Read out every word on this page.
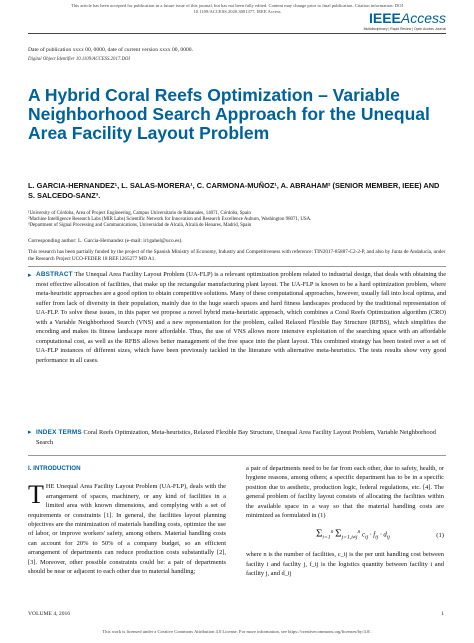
This article has been accepted for publication in a future issue of this journal, but has not been fully edited. Content may change prior to final publication. Citation information: DOI
10.1109/ACCESS.2020.3001377, IEEE Access	IEEEAccess
Multidisciplinary | Rapid Review | Open Access Journal
Date of publication xxxx 00, 0000, date of current version xxxx 00, 0000.
Digital Object Identifier 10.1109/ACCESS.2017.DOI
A Hybrid Coral Reefs Optimization – Variable Neighborhood Search Approach for the Unequal Area Facility Layout Problem
L. GARCIA-HERNANDEZ¹, L. SALAS-MORERA¹, C. CARMONA-MUÑOZ¹, A. ABRAHAM² (SENIOR MEMBER, IEEE) AND S. SALCEDO-SANZ³.
¹University of Córdoba, Area of Project Engineering, Campus Universitario de Rabanales, 14071, Córdoba, Spain
²Machine Intelligence Research Labs (MIR Labs) Scientific Network for Innovation and Research Excellence Auburn, Washington 98071, USA.
³Department of Signal Processing and Communications, Universidad de Alcalá, Alcalá de Henares, Madrid, Spain
Corresponding author: L. Garcia-Hernandez (e-mail: ir1gahel@uco.es).
This research has been partially funded by the project of the Spanish Ministry of Economy, Industry and Competitiveness with reference: TIN2017-85887-C2-2-P, and also by Junta de Andalucía, under the Research Project UCO-FEDER 18 REF.1265277 MD A1.
▸ ABSTRACT The Unequal Area Facility Layout Problem (UA-FLP) is a relevant optimization problem related to industrial design, that deals with obtaining the most effective allocation of facilities, that make up the rectangular manufacturing plant layout. The UA-FLP is known to be a hard optimization problem, where meta-heuristic approaches are a good option to obtain competitive solutions. Many of these computational approaches, however, usually fall into local optima, and suffer from lack of diversity in their population, mainly due to the huge search spaces and hard fitness landscapes produced by the traditional representation of UA-FLP. To solve these issues, in this paper we propose a novel hybrid meta-heuristic approach, which combines a Coral Reefs Optimization algorithm (CRO) with a Variable Neighborhood Search (VNS) and a new representation for the problem, called Relaxed Flexible Bay Structure (RFBS), which simplifies the encoding and makes its fitness landscape more affordable. Thus, the use of VNS allows more intensive exploitation of the searching space with an affordable computational cost, as well as the RFBS allows better management of the free space into the plant layout. This combined strategy has been tested over a set of UA-FLP instances of different sizes, which have been previously tackled in the literature with alternative meta-heuristics. The tests results show very good performance in all cases.
▸ INDEX TERMS Coral Reefs Optimization, Meta-heuristics, Relaxed Flexible Bay Structure, Unequal Area Facility Layout Problem, Variable Neighborhood Search
I. INTRODUCTION
T HE Unequal Area Facility Layout Problem (UA-FLP), deals with the arrangement of spaces, machinery, or any kind of facilities in a limited area with known dimensions, and complying with a set of requirements or constraints [1]. In general, the facilities layout planning objectives are the minimization of materials handling costs, optimize the use of labor, or improve workers' safety, among others. Material handling costs can account for 20% to 50% of a company budget, so an efficient arrangement of departments can reduce production costs substantially [2], [3]. Moreover, other possible constraints could be: a pair of departments should be near or adjacent to each other due to material handling;
a pair of departments need to be far from each other, due to safety, health, or hygiene reasons, among others; a specific department has to be in a specific position due to aesthetic, production logic, federal regulations, etc. [4]. The general problem of facility layout consists of allocating the facilities within the available space in a way so that the material handling costs are minimized as formulated in (1)
$\Sigma_{i=1}^n$ $\Sigma_{j=1,i\ne j}^n$ $c_{ij} \cdot f_{ij} \cdot d_{ij}$	(1)
where n is the number of facilities, c_ij is the per unit handling cost between facility i and facility j, f_ij is the logistics quantity between facility i and facility j, and d_ij
VOLUME 4, 2016	1
This work is licensed under a Creative Commons Attribution 4.0 License. For more information, see https://creativecommons.org/licenses/by/4.0/.
